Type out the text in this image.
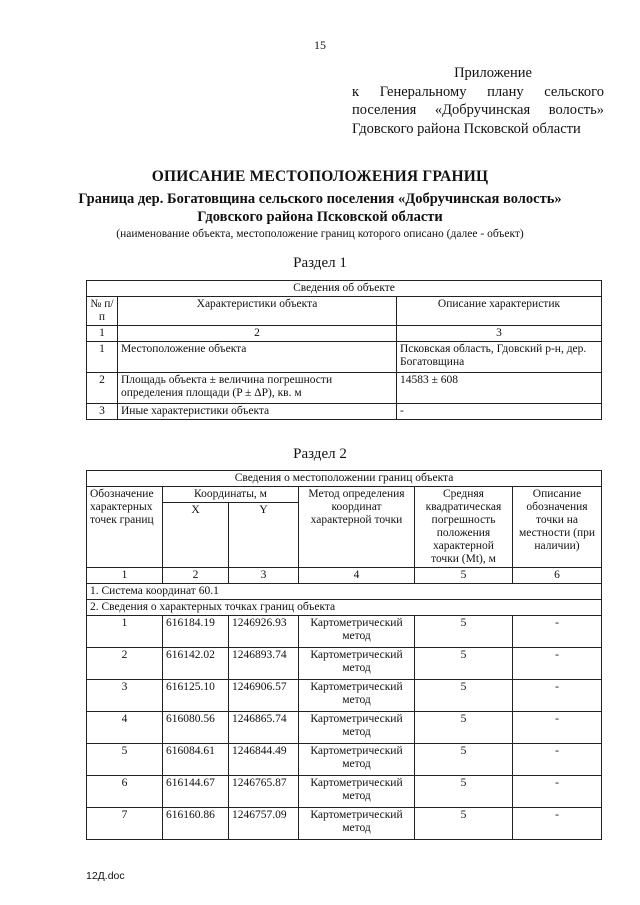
15
Приложение
к Генеральному плану сельского
поселения «Добручинская волость»
Гдовского района Псковской области
ОПИСАНИЕ МЕСТОПОЛОЖЕНИЯ ГРАНИЦ
Граница дер. Богатовщина сельского поселения «Добручинская волость»
Гдовского района Псковской области
(наименование объекта, местоположение границ которого описано (далее - объект)
Раздел 1
Сведения об объекте		
№ п/п	Характеристики объекта	Описание характеристик
1	2	3
1	Местоположение объекта	Псковская область, Гдовский р-н, дер. Богатовщина
2	Площадь объекта ± величина погрешности определения площади (P ± ΔP), кв. м	14583 ± 608
3	Иные характеристики объекта	-
Раздел 2
Сведения о местоположении границ объекта					
Обозначение характерных точек границ	Координаты, м		Метод определения координат характерной точки	Средняя квадратическая погрешность положения характерной точки (Mt), м	Описание обозначения точки на местности (при наличии)
	X	Y			
1	2	3	4	5	6
1. Система координат 60.1					
2. Сведения о характерных точках границ объекта					
1	616184.19	1246926.93	Картометрический метод	5	-
2	616142.02	1246893.74	Картометрический метод	5	-
3	616125.10	1246906.57	Картометрический метод	5	-
4	616080.56	1246865.74	Картометрический метод	5	-
5	616084.61	1246844.49	Картометрический метод	5	-
6	616144.67	1246765.87	Картометрический метод	5	-
7	616160.86	1246757.09	Картометрический метод	5	-
12Д.doc
